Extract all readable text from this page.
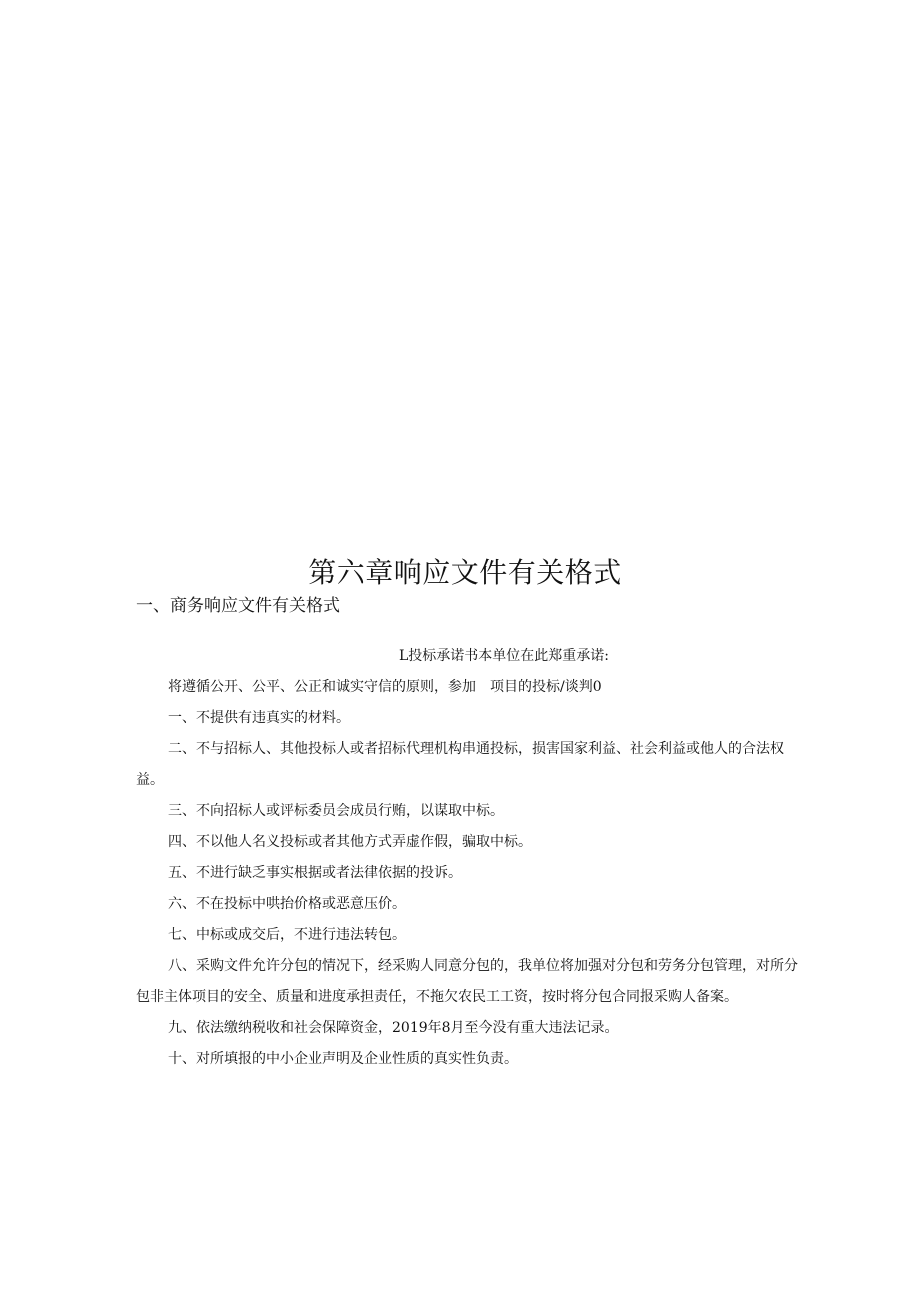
第六章响应文件有关格式
一、商务响应文件有关格式
L投标承诺书本单位在此郑重承诺:

将遵循公开、公平、公正和诚实守信的原则，参加　项目的投标/谈判0

一、不提供有违真实的材料。

二、不与招标人、其他投标人或者招标代理机构串通投标，损害国家利益、社会利益或他人的合法权益。

三、不向招标人或评标委员会成员行贿，以谋取中标。

四、不以他人名义投标或者其他方式弄虚作假，骗取中标。

五、不进行缺乏事实根据或者法律依据的投诉。

六、不在投标中哄抬价格或恶意压价。

七、中标或成交后，不进行违法转包。

八、采购文件允许分包的情况下，经采购人同意分包的，我单位将加强对分包和劳务分包管理，对所分包非主体项目的安全、质量和进度承担责任，不拖欠农民工工资，按时将分包合同报采购人备案。

九、依法缴纳税收和社会保障资金，2019年8月至今没有重大违法记录。

十、对所填报的中小企业声明及企业性质的真实性负责。
